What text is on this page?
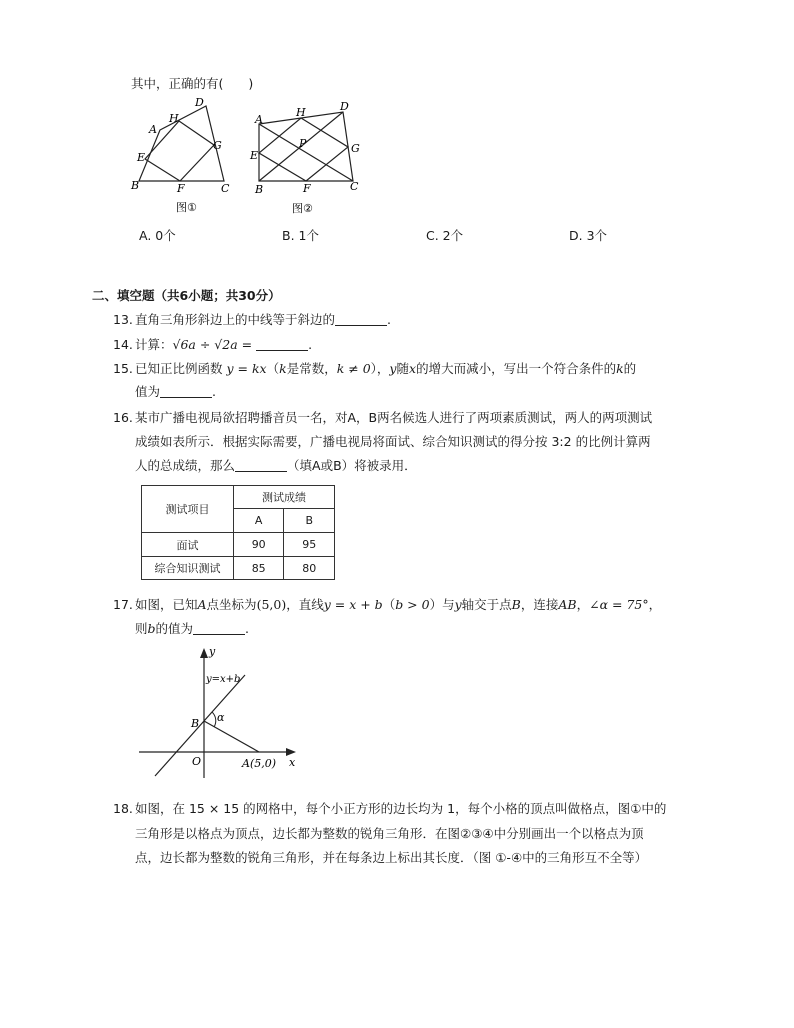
其中，正确的有(　　)
D
H
A
G
E
B	F	C
图①
H	D
A
P	G
E
B	F	C
图②
A. 0个	B. 1个	C. 2个	D. 3个
二、填空题（共6小题；共30分）
13. 直角三角形斜边上的中线等于斜边的	.
14. 计算：√6a ÷ √2a =	.
15. 已知正比例函数 y = kx（k是常数，k ≠ 0），y随x的增大而减小，写出一个符合条件的k的
值为	.
16. 某市广播电视局欲招聘播音员一名，对A，B两名候选人进行了两项素质测试，两人的两项测试
成绩如表所示．根据实际需要，广播电视局将面试、综合知识测试的得分按 3:2 的比例计算两
人的总成绩，那么	（填A或B）将被录用．
测试项目	测试成绩	
	A	B
面试	90	95
综合知识测试	85	80
17. 如图，已知A点坐标为(5,0)，直线y = x + b（b > 0）与y轴交于点B，连接AB，∠α = 75°，
则b的值为	.
y
y=x+b
B α
O	A(5,0) x
18. 如图，在 15 × 15 的网格中，每个小正方形的边长均为 1，每个小格的顶点叫做格点，图①中的
三角形是以格点为顶点，边长都为整数的锐角三角形．在图②③④中分别画出一个以格点为顶
点，边长都为整数的锐角三角形，并在每条边上标出其长度．（图 ①-④中的三角形互不全等）
